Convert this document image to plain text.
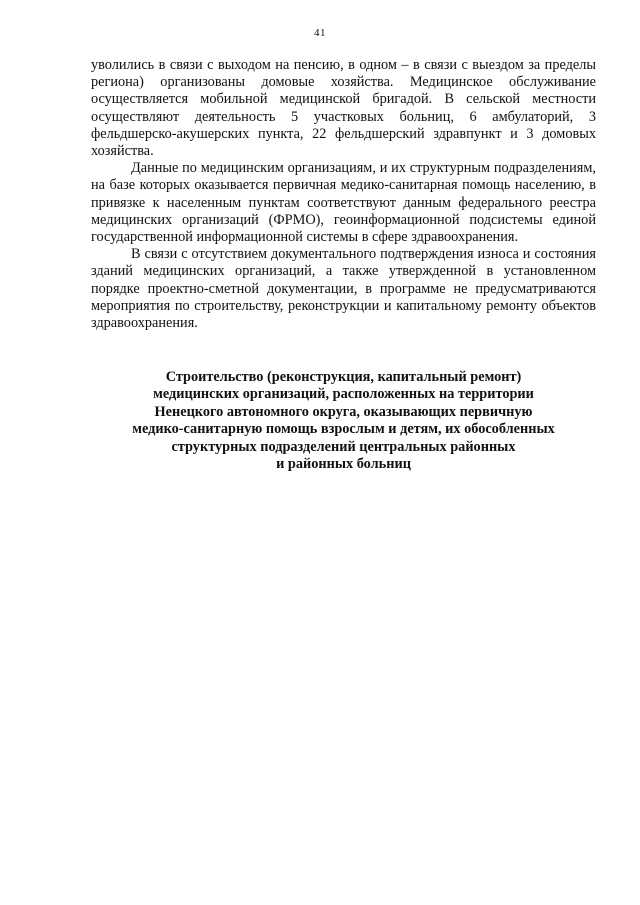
41

уволились в связи с выходом на пенсию, в одном – в связи с выездом за пределы региона) организованы домовые хозяйства. Медицинское обслуживание осуществляется мобильной медицинской бригадой. В сельской местности осуществляют деятельность 5 участковых больниц, 6 амбулаторий, 3 фельдшерско-акушерских пункта, 22 фельдшерский здравпункт и 3 домовых хозяйства.

Данные по медицинским организациям, и их структурным подразделениям, на базе которых оказывается первичная медико-санитарная помощь населению, в привязке к населенным пунктам соответствуют данным федерального реестра медицинских организаций (ФРМО), геоинформационной подсистемы единой государственной информационной системы в сфере здравоохранения.

В связи с отсутствием документального подтверждения износа и состояния зданий медицинских организаций, а также утвержденной в установленном порядке проектно-сметной документации, в программе не предусматриваются мероприятия по строительству, реконструкции и капитальному ремонту объектов здравоохранения.

Строительство (реконструкция, капитальный ремонт)
медицинских организаций, расположенных на территории
Ненецкого автономного округа, оказывающих первичную
медико-санитарную помощь взрослым и детям, их обособленных
структурных подразделений центральных районных
и районных больниц
